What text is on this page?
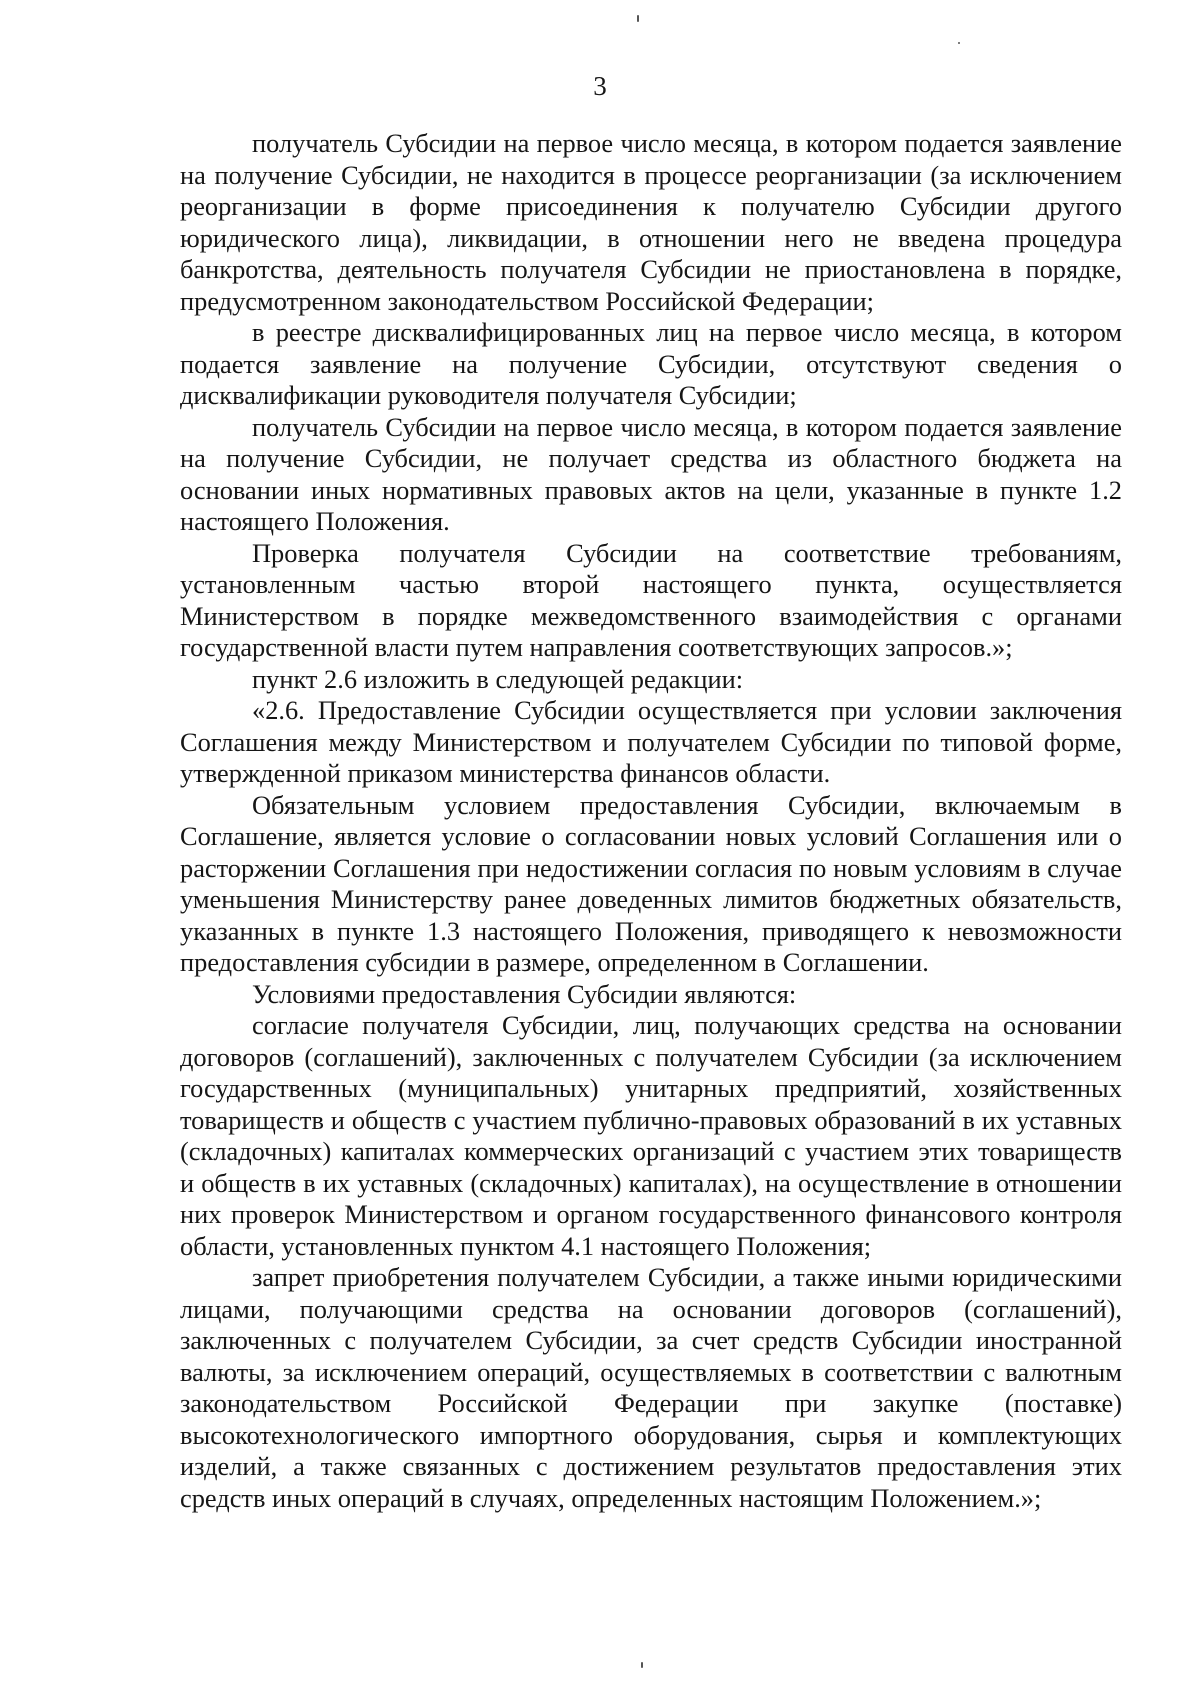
3

получатель Субсидии на первое число месяца, в котором подается заявление на получение Субсидии, не находится в процессе реорганизации (за исключением реорганизации в форме присоединения к получателю Субсидии другого юридического лица), ликвидации, в отношении него не введена процедура банкротства, деятельность получателя Субсидии не приостановлена в порядке, предусмотренном законодательством Российской Федерации;

в реестре дисквалифицированных лиц на первое число месяца, в котором подается заявление на получение Субсидии, отсутствуют сведения о дисквалификации руководителя получателя Субсидии;

получатель Субсидии на первое число месяца, в котором подается заявление на получение Субсидии, не получает средства из областного бюджета на основании иных нормативных правовых актов на цели, указанные в пункте 1.2 настоящего Положения.

Проверка получателя Субсидии на соответствие требованиям, установленным частью второй настоящего пункта, осуществляется Министерством в порядке межведомственного взаимодействия с органами государственной власти путем направления соответствующих запросов.»;

пункт 2.6 изложить в следующей редакции:

«2.6. Предоставление Субсидии осуществляется при условии заключения Соглашения между Министерством и получателем Субсидии по типовой форме, утвержденной приказом министерства финансов области.

Обязательным условием предоставления Субсидии, включаемым в Соглашение, является условие о согласовании новых условий Соглашения или о расторжении Соглашения при недостижении согласия по новым условиям в случае уменьшения Министерству ранее доведенных лимитов бюджетных обязательств, указанных в пункте 1.3 настоящего Положения, приводящего к невозможности предоставления субсидии в размере, определенном в Соглашении.

Условиями предоставления Субсидии являются:

согласие получателя Субсидии, лиц, получающих средства на основании договоров (соглашений), заключенных с получателем Субсидии (за исключением государственных (муниципальных) унитарных предприятий, хозяйственных товариществ и обществ с участием публично-правовых образований в их уставных (складочных) капиталах коммерческих организаций с участием этих товариществ и обществ в их уставных (складочных) капиталах), на осуществление в отношении них проверок Министерством и органом государственного финансового контроля области, установленных пунктом 4.1 настоящего Положения;

запрет приобретения получателем Субсидии, а также иными юридическими лицами, получающими средства на основании договоров (соглашений), заключенных с получателем Субсидии, за счет средств Субсидии иностранной валюты, за исключением операций, осуществляемых в соответствии с валютным законодательством Российской Федерации при закупке (поставке) высокотехнологического импортного оборудования, сырья и комплектующих изделий, а также связанных с достижением результатов предоставления этих средств иных операций в случаях, определенных настоящим Положением.»;
